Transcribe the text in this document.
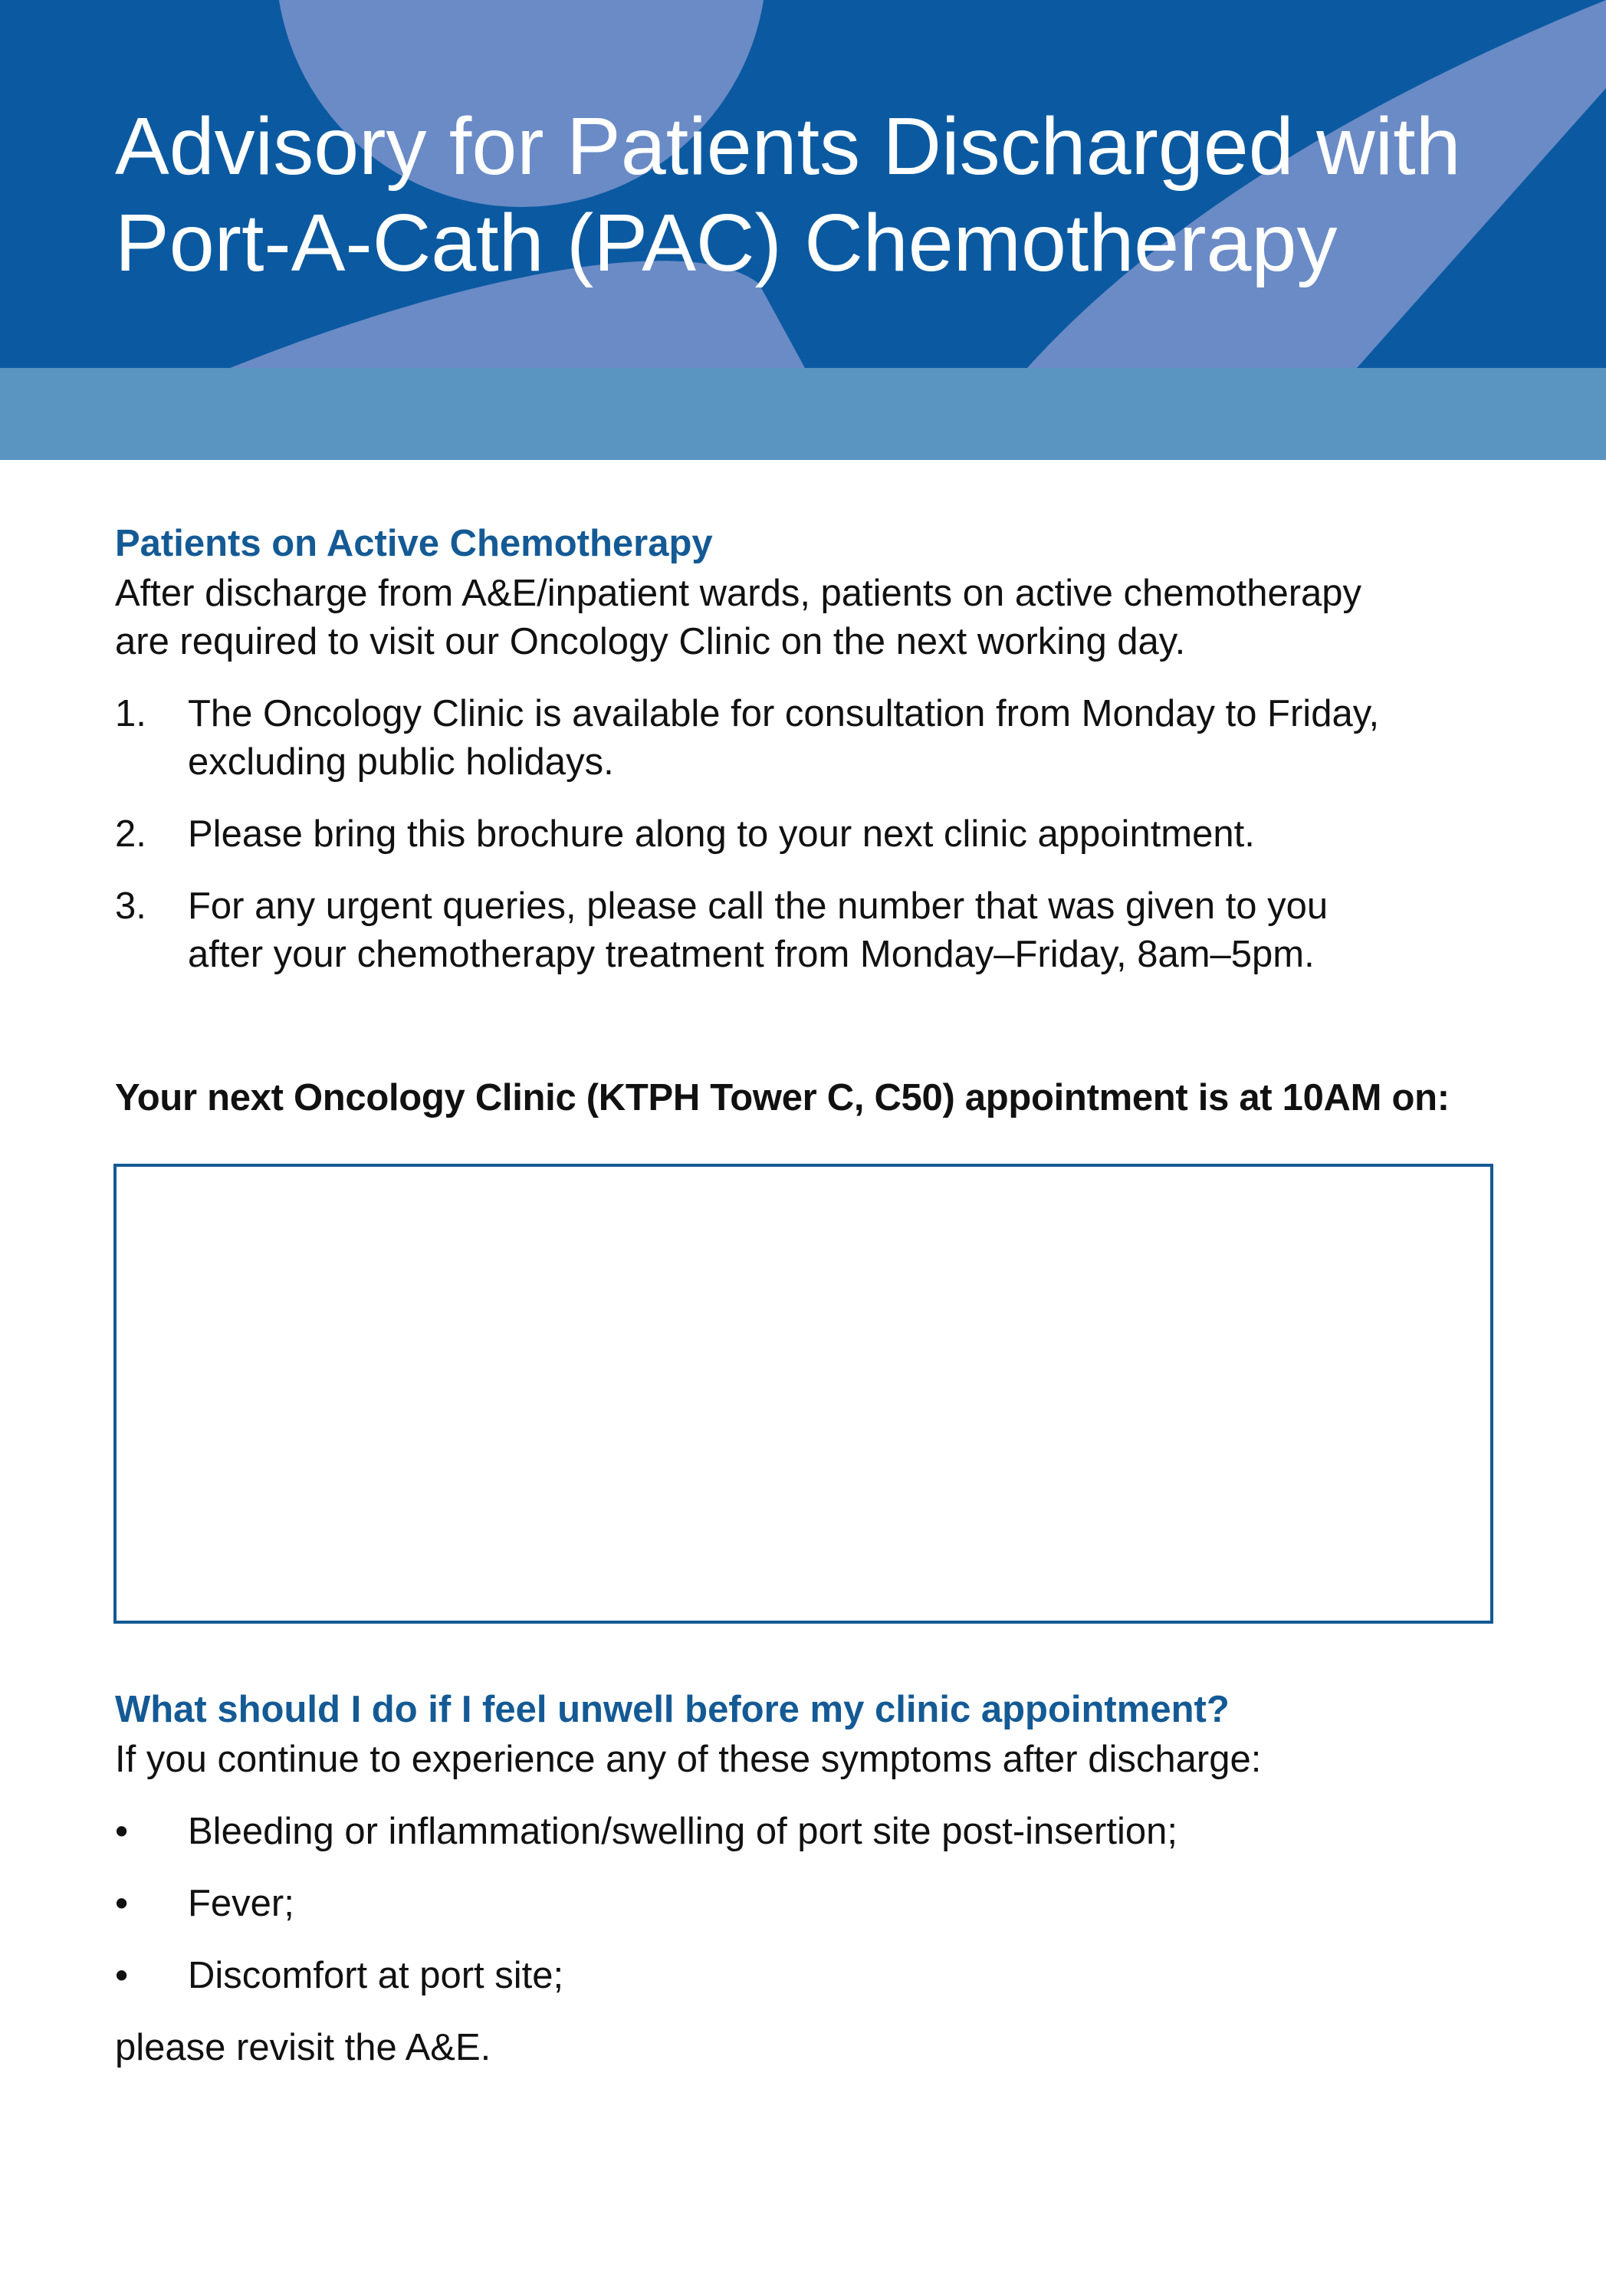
Advisory for Patients Discharged with
Port-A-Cath (PAC) Chemotherapy
Patients on Active Chemotherapy

After discharge from A&E/inpatient wards, patients on active chemotherapy
are required to visit our Oncology Clinic on the next working day.

1. The Oncology Clinic is available for consultation from Monday to Friday,
excluding public holidays.
2. Please bring this brochure along to your next clinic appointment.
3. For any urgent queries, please call the number that was given to you
after your chemotherapy treatment from Monday–Friday, 8am–5pm.

Your next Oncology Clinic (KTPH Tower C, C50) appointment is at 10AM on:

What should I do if I feel unwell before my clinic appointment?

If you continue to experience any of these symptoms after discharge:

• Bleeding or inflammation/swelling of port site post-insertion;
• Fever;
• Discomfort at port site;

please revisit the A&E.
